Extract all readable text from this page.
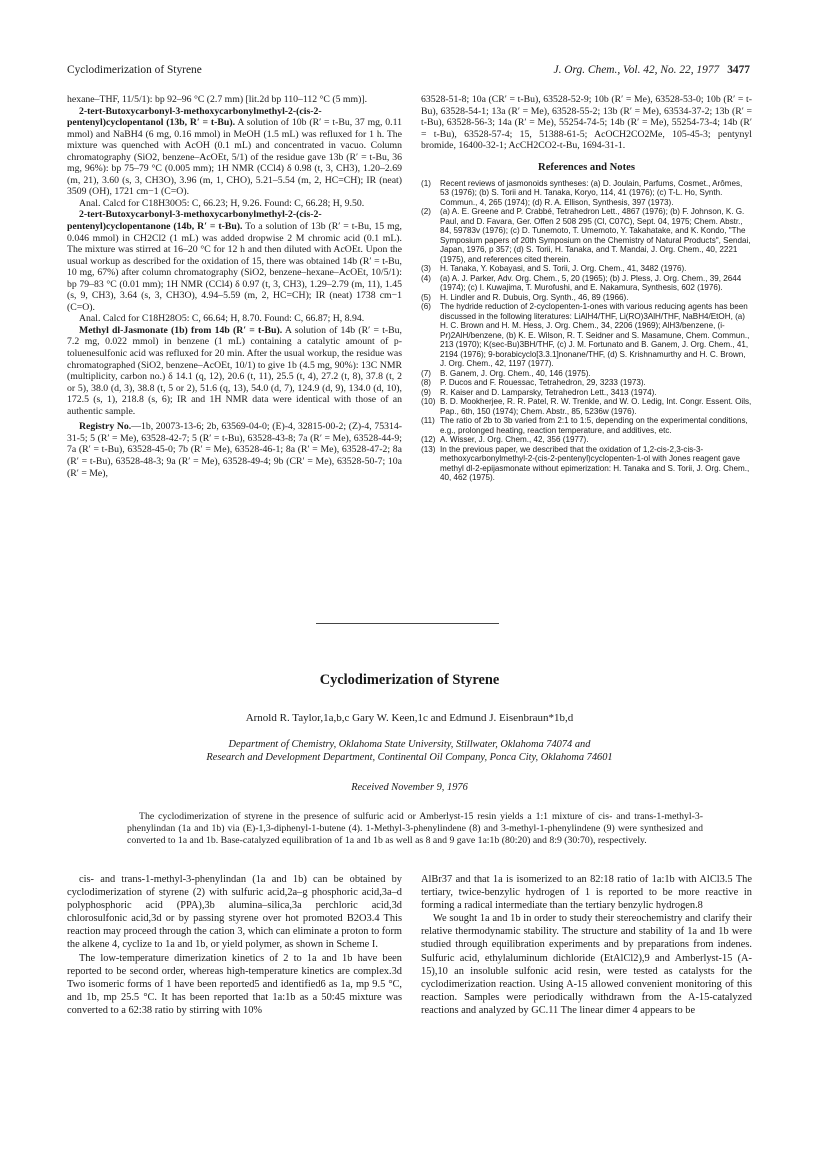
Cyclodimerization of Styrene	J. Org. Chem., Vol. 42, No. 22, 1977 3477

hexane–THF, 11/5/1): bp 92–96 °C (2.7 mm) [lit.2d bp 110–112 °C (5 mm)].

2-tert-Butoxycarbonyl-3-methoxycarbonylmethyl-2-(cis-2-pentenyl)cyclopentanol (13b, R′ = t-Bu). A solution of 10b (R′ = t-Bu, 37 mg, 0.11 mmol) and NaBH4 (6 mg, 0.16 mmol) in MeOH (1.5 mL) was refluxed for 1 h. The mixture was quenched with AcOH (0.1 mL) and concentrated in vacuo. Column chromatography (SiO2, benzene–AcOEt, 5/1) of the residue gave 13b (R′ = t-Bu, 36 mg, 96%): bp 75–79 °C (0.005 mm); 1H NMR (CCl4) δ 0.98 (t, 3, CH3), 1.20–2.69 (m, 21), 3.60 (s, 3, CH3O), 3.96 (m, 1, CHO), 5.21–5.54 (m, 2, HC=CH); IR (neat) 3509 (OH), 1721 cm−1 (C=O).

Anal. Calcd for C18H30O5: C, 66.23; H, 9.26. Found: C, 66.28; H, 9.50.

2-tert-Butoxycarbonyl-3-methoxycarbonylmethyl-2-(cis-2-pentenyl)cyclopentanone (14b, R′ = t-Bu). To a solution of 13b (R′ = t-Bu, 15 mg, 0.046 mmol) in CH2Cl2 (1 mL) was added dropwise 2 M chromic acid (0.1 mL). The mixture was stirred at 16–20 °C for 12 h and then diluted with AcOEt. Upon the usual workup as described for the oxidation of 15, there was obtained 14b (R′ = t-Bu, 10 mg, 67%) after column chromatography (SiO2, benzene–hexane–AcOEt, 10/5/1): bp 79–83 °C (0.01 mm); 1H NMR (CCl4) δ 0.97 (t, 3, CH3), 1.29–2.79 (m, 11), 1.45 (s, 9, CH3), 3.64 (s, 3, CH3O), 4.94–5.59 (m, 2, HC=CH); IR (neat) 1738 cm−1 (C=O).

Anal. Calcd for C18H28O5: C, 66.64; H, 8.70. Found: C, 66.87; H, 8.94.

Methyl dl-Jasmonate (1b) from 14b (R′ = t-Bu). A solution of 14b (R′ = t-Bu, 7.2 mg, 0.022 mmol) in benzene (1 mL) containing a catalytic amount of p-toluenesulfonic acid was refluxed for 20 min. After the usual workup, the residue was chromatographed (SiO2, benzene–AcOEt, 10/1) to give 1b (4.5 mg, 90%): 13C NMR (multiplicity, carbon no.) δ 14.1 (q, 12), 20.6 (t, 11), 25.5 (t, 4), 27.2 (t, 8), 37.8 (t, 2 or 5), 38.0 (d, 3), 38.8 (t, 5 or 2), 51.6 (q, 13), 54.0 (d, 7), 124.9 (d, 9), 134.0 (d, 10), 172.5 (s, 1), 218.8 (s, 6); IR and 1H NMR data were identical with those of an authentic sample.

Registry No.—1b, 20073-13-6; 2b, 63569-04-0; (E)-4, 32815-00-2; (Z)-4, 75314-31-5; 5 (R′ = Me), 63528-42-7; 5 (R′ = t-Bu), 63528-43-8; 7a (R′ = Me), 63528-44-9; 7a (R′ = t-Bu), 63528-45-0; 7b (R′ = Me), 63528-46-1; 8a (R′ = Me), 63528-47-2; 8a (R′ = t-Bu), 63528-48-3; 9a (R′ = Me), 63528-49-4; 9b (CR′ = Me), 63528-50-7; 10a (R′ = Me),

63528-51-8; 10a (CR′ = t-Bu), 63528-52-9; 10b (R′ = Me), 63528-53-0; 10b (R′ = t-Bu), 63528-54-1; 13a (R′ = Me), 63528-55-2; 13b (R′ = Me), 63534-37-2; 13b (R′ = t-Bu), 63528-56-3; 14a (R′ = Me), 55254-74-5; 14b (R′ = Me), 55254-73-4; 14b (R′ = t-Bu), 63528-57-4; 15, 51388-61-5; AcOCH2CO2Me, 105-45-3; pentynyl bromide, 16400-32-1; AcCH2CO2-t-Bu, 1694-31-1.

References and Notes
(1)	Recent reviews of jasmonoids syntheses: (a) D. Joulain, Parfums, Cosmet., Arômes, 53 (1976); (b) S. Torii and H. Tanaka, Koryo, 114, 41 (1976); (c) T-L. Ho, Synth. Commun., 4, 265 (1974); (d) R. A. Ellison, Synthesis, 397 (1973).
(2)	(a) A. E. Greene and P. Crabbé, Tetrahedron Lett., 4867 (1976); (b) F. Johnson, K. G. Paul, and D. Favara, Ger. Offen 2 508 295 (Cl, C07C), Sept. 04, 1975; Chem. Abstr., 84, 59783v (1976); (c) D. Tunemoto, T. Umemoto, Y. Takahatake, and K. Kondo, "The Symposium papers of 20th Symposium on the Chemistry of Natural Products", Sendai, Japan, 1976, p 357; (d) S. Torii, H. Tanaka, and T. Mandai, J. Org. Chem., 40, 2221 (1975), and references cited therein.
(3)	H. Tanaka, Y. Kobayasi, and S. Torii, J. Org. Chem., 41, 3482 (1976).
(4)	(a) A. J. Parker, Adv. Org. Chem., 5, 20 (1965); (b) J. Pless, J. Org. Chem., 39, 2644 (1974); (c) I. Kuwajima, T. Murofushi, and E. Nakamura, Synthesis, 602 (1976).
(5)	H. Lindler and R. Dubuis, Org. Synth., 46, 89 (1966).
(6)	The hydride reduction of 2-cyclopenten-1-ones with various reducing agents has been discussed in the following literatures: LiAlH4/THF, Li(RO)3AlH/THF, NaBH4/EtOH, (a) H. C. Brown and H. M. Hess, J. Org. Chem., 34, 2206 (1969); AlH3/benzene, (i-Pr)2AlH/benzene, (b) K. E. Wilson, R. T. Seidner and S. Masamune, Chem. Commun., 213 (1970); K(sec-Bu)3BH/THF, (c) J. M. Fortunato and B. Ganem, J. Org. Chem., 41, 2194 (1976); 9-borabicyclo[3.3.1]nonane/THF, (d) S. Krishnamurthy and H. C. Brown, J. Org. Chem., 42, 1197 (1977).
(7)	B. Ganem, J. Org. Chem., 40, 146 (1975).
(8)	P. Ducos and F. Rouessac, Tetrahedron, 29, 3233 (1973).
(9)	R. Kaiser and D. Lamparsky, Tetrahedron Lett., 3413 (1974).
(10) B. D. Mookherjee, R. R. Patel, R. W. Trenkle, and W. O. Ledig, Int. Congr. Essent. Oils, Pap., 6th, 150 (1974); Chem. Abstr., 85, 5236w (1976).
(11) The ratio of 2b to 3b varied from 2:1 to 1:5, depending on the experimental conditions, e.g., prolonged heating, reaction temperature, and additives, etc.
(12) A. Wisser, J. Org. Chem., 42, 356 (1977).
(13) In the previous paper, we described that the oxidation of 1,2-cis-2,3-cis-3-methoxycarbonylmethyl-2-(cis-2-pentenyl)cyclopenten-1-ol with Jones reagent gave methyl dl-2-epijasmonate without epimerization: H. Tanaka and S. Torii, J. Org. Chem., 40, 462 (1975).
Cyclodimerization of Styrene
Arnold R. Taylor,1a,b,c Gary W. Keen,1c and Edmund J. Eisenbraun*1b,d
Department of Chemistry, Oklahoma State University, Stillwater, Oklahoma 74074 and
Research and Development Department, Continental Oil Company, Ponca City, Oklahoma 74601
Received November 9, 1976
The cyclodimerization of styrene in the presence of sulfuric acid or Amberlyst-15 resin yields a 1:1 mixture of cis- and trans-1-methyl-3-phenylindan (1a and 1b) via (E)-1,3-diphenyl-1-butene (4). 1-Methyl-3-phenylindene (8) and 3-methyl-1-phenylindene (9) were synthesized and converted to 1a and 1b. Base-catalyzed equilibration of 1a and 1b as well as 8 and 9 gave 1a:1b (80:20) and 8:9 (30:70), respectively.

cis- and trans-1-methyl-3-phenylindan (1a and 1b) can be obtained by cyclodimerization of styrene (2) with sulfuric acid,2a–g phosphoric acid,3a–d polyphosphoric acid (PPA),3b alumina–silica,3a perchloric acid,3d chlorosulfonic acid,3d or by passing styrene over hot promoted B2O3.4 This reaction may proceed through the cation 3, which can eliminate a proton to form the alkene 4, cyclize to 1a and 1b, or yield polymer, as shown in Scheme I.

The low-temperature dimerization kinetics of 2 to 1a and 1b have been reported to be second order, whereas high-temperature kinetics are complex.3d Two isomeric forms of 1 have been reported5 and identified6 as 1a, mp 9.5 °C, and 1b, mp 25.5 °C. It has been reported that 1a:1b as a 50:45 mixture was converted to a 62:38 ratio by stirring with 10%

AlBr37 and that 1a is isomerized to an 82:18 ratio of 1a:1b with AlCl3.5 The tertiary, twice-benzylic hydrogen of 1 is reported to be more reactive in forming a radical intermediate than the tertiary benzylic hydrogen.8

We sought 1a and 1b in order to study their stereochemistry and clarify their relative thermodynamic stability. The structure and stability of 1a and 1b were studied through equilibration experiments and by preparations from indenes. Sulfuric acid, ethylaluminum dichloride (EtAlCl2),9 and Amberlyst-15 (A-15),10 an insoluble sulfonic acid resin, were tested as catalysts for the cyclodimerization reaction. Using A-15 allowed convenient monitoring of this reaction. Samples were periodically withdrawn from the A-15-catalyzed reactions and analyzed by GC.11 The linear dimer 4 appears to be
